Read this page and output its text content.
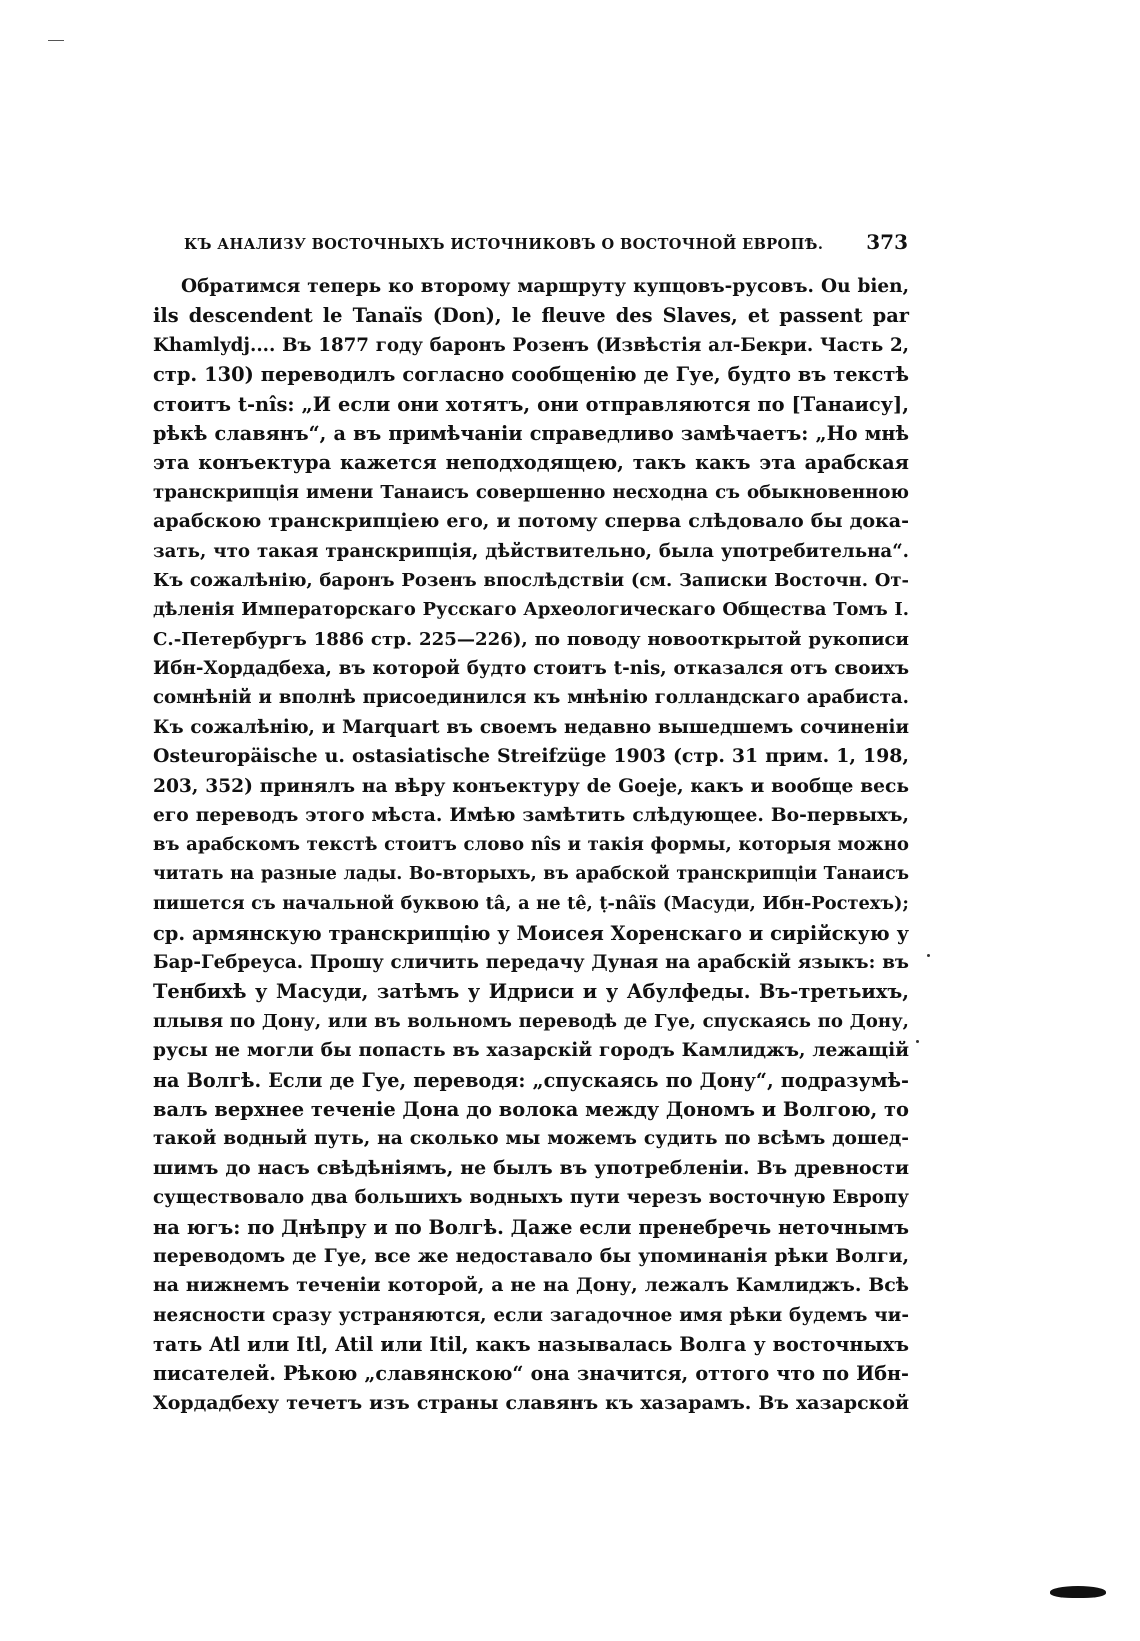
КЪ АНАЛИЗУ ВОСТОЧНЫХЪ ИСТОЧНИКОВЪ О ВОСТОЧНОЙ ЕВРОПѢ. 373
Обратимся теперь ко второму маршруту купцовъ-русовъ. Ou bien,
ils descendent le Tanaïs (Don), le fleuve des Slaves, et passent par
Khamlydj.... Въ 1877 году баронъ Розенъ (Извѣстія ал-Бекри. Часть 2,
стр. 130) переводилъ согласно сообщенію де Гуе, будто въ текстѣ
стоитъ t-nîs: „И если они хотятъ, они отправляются по [Танаису],
рѣкѣ славянъ“, а въ примѣчаніи справедливо замѣчаетъ: „Но мнѣ
эта конъектура кажется неподходящею, такъ какъ эта арабская
транскрипція имени Танаисъ совершенно несходна съ обыкновенною
арабскою транскрипціею его, и потому сперва слѣдовало бы дока-
зать, что такая транскрипція, дѣйствительно, была употребительна“.
Къ сожалѣнію, баронъ Розенъ впослѣдствіи (см. Записки Восточн. От-
дѣленія Императорскаго Русскаго Археологическаго Общества Томъ I.
С.-Петербургъ 1886 стр. 225—226), по поводу новооткрытой рукописи
Ибн-Хордадбеха, въ которой будто стоитъ t-nis, отказался отъ своихъ
сомнѣній и вполнѣ присоединился къ мнѣнію голландскаго арабиста.
Къ сожалѣнію, и Marquart въ своемъ недавно вышедшемъ сочиненіи
Osteuropäische u. ostasiatische Streifzüge 1903 (стр. 31 прим. 1, 198,
203, 352) принялъ на вѣру конъектуру de Goeje, какъ и вообще весь
его переводъ этого мѣста. Имѣю замѣтить слѣдующее. Во-первыхъ,
въ арабскомъ текстѣ стоитъ слово nîs и такія формы, которыя можно
читать на разные лады. Во-вторыхъ, въ арабской транскрипціи Танаисъ
пишется съ начальной буквою tâ, а не tê, ṭ-nâïs (Масуди, Ибн-Ростехъ);
ср. армянскую транскрипцію у Моисея Хоренскаго и сирійскую у
Бар-Гебреуса. Прошу сличить передачу Дуная на арабскій языкъ: въ
Тенбихѣ у Масуди, затѣмъ у Идриси и у Абулфеды. Въ-третьихъ,
плывя по Дону, или въ вольномъ переводѣ де Гуе, спускаясь по Дону,
русы не могли бы попасть въ хазарскій городъ Камлиджъ, лежащій
на Волгѣ. Если де Гуе, переводя: „спускаясь по Дону“, подразумѣ-
валъ верхнее теченіе Дона до волока между Дономъ и Волгою, то
такой водный путь, на сколько мы можемъ судить по всѣмъ дошед-
шимъ до насъ свѣдѣніямъ, не былъ въ употребленіи. Въ древности
существовало два большихъ водныхъ пути черезъ восточную Европу
на югъ: по Днѣпру и по Волгѣ. Даже если пренебречь неточнымъ
переводомъ де Гуе, все же недоставало бы упоминанія рѣки Волги,
на нижнемъ теченіи которой, а не на Дону, лежалъ Камлиджъ. Всѣ
неясности сразу устраняются, если загадочное имя рѣки будемъ чи-
тать Atl или Itl, Atil или Itil, какъ называлась Волга у восточныхъ
писателей. Рѣкою „славянскою“ она значится, оттого что по Ибн-
Хордадбеху течетъ изъ страны славянъ къ хазарамъ. Въ хазарской
